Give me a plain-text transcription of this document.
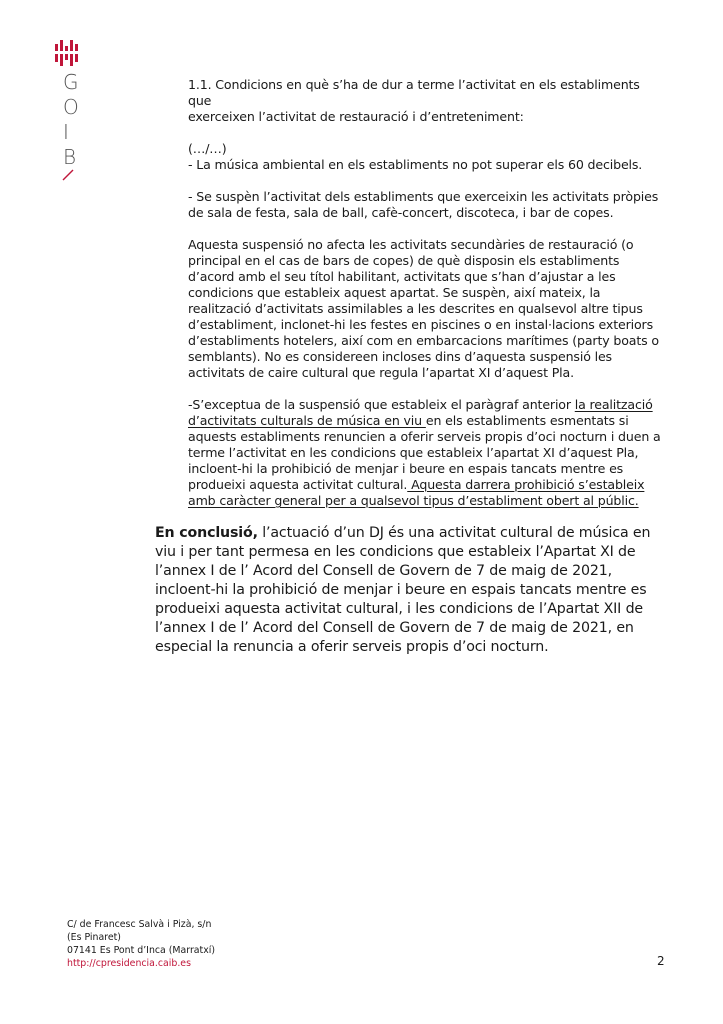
G
O
I
B

1.1. Condicions en què s’ha de dur a terme l’activitat en els establiments que
exerceixen l’activitat de restauració i d’entreteniment:

(…/…)

- La música ambiental en els establiments no pot superar els 60 decibels.

- Se suspèn l’activitat dels establiments que exerceixin les activitats pròpies de sala de festa, sala de ball, cafè-concert, discoteca, i bar de copes.

Aquesta suspensió no afecta les activitats secundàries de restauració (o principal en el cas de bars de copes) de què disposin els establiments d’acord amb el seu títol habilitant, activitats que s’han d’ajustar a les condicions que estableix aquest apartat. Se suspèn, així mateix, la realització d’activitats assimilables a les descrites en qualsevol altre tipus d’establiment, inclonet-hi les festes en piscines o en instal·lacions exteriors d’establiments hotelers, així com en embarcacions marítimes (party boats o semblants). No es considereen incloses dins d’aquesta suspensió les activitats de caire cultural que regula l’apartat XI d’aquest Pla.

-S’exceptua de la suspensió que estableix el paràgraf anterior la realització d’activitats culturals de música en viu en els establiments esmentats si aquests establiments renuncien a oferir serveis propis d’oci nocturn i duen a terme l’activitat en les condicions que estableix l’apartat XI d’aquest Pla, incloent-hi la prohibició de menjar i beure en espais tancats mentre es produeixi aquesta activitat cultural. Aquesta darrera prohibició s’estableix amb caràcter general per a qualsevol tipus d’establiment obert al públic.

En conclusió, l’actuació d’un DJ és una activitat cultural de música en viu i per tant permesa en les condicions que estableix l’Apartat XI de l’annex I de l’ Acord del Consell de Govern de 7 de maig de 2021, incloent-hi la prohibició de menjar i beure en espais tancats mentre es produeixi aquesta activitat cultural, i les condicions de l’Apartat XII de l’annex I de l’ Acord del Consell de Govern de 7 de maig de 2021, en especial la renuncia a oferir serveis propis d’oci nocturn.

C/ de Francesc Salvà i Pizà, s/n
(Es Pinaret)
07141 Es Pont d’Inca (Marratxí)
http://cpresidencia.caib.es	2
